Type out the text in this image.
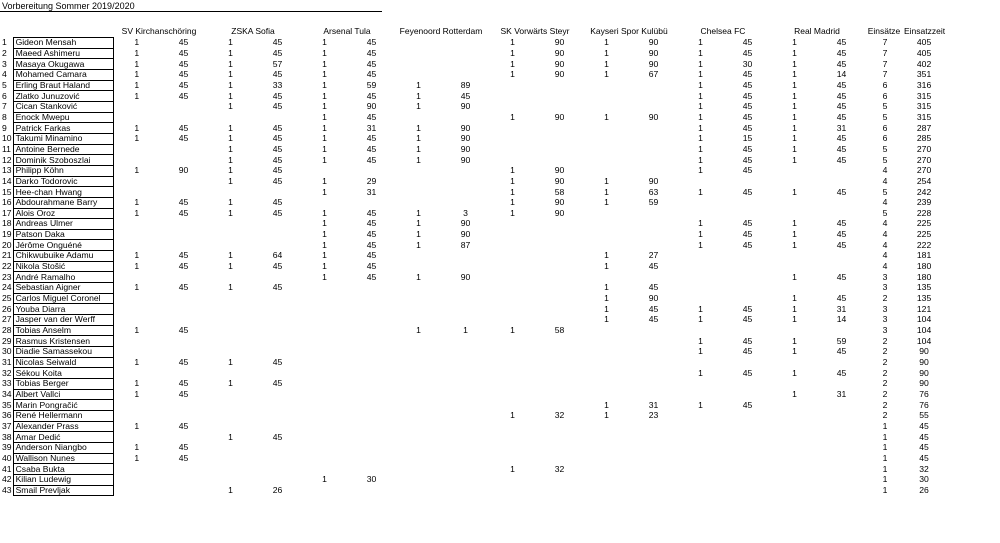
Vorbereitung Sommer 2019/2020
SV Kirchanschöring	ZSKA Sofia	Arsenal Tula	Feyenoord Rotterdam	SK Vorwärts Steyr	Kayseri Spor Kulübü	Chelsea FC	Real Madrid	Einsätze Einsatzzeit
1	Gideon Mensah	1	45	1	45	1	45			1	90	1	90	1	45	1	45	7	405
2	Maeed Ashimeru	1	45	1	45	1	45			1	90	1	90	1	45	1	45	7	405
3	Masaya Okugawa	1	45	1	57	1	45			1	90	1	90	1	30	1	45	7	402
4	Mohamed Camara	1	45	1	45	1	45			1	90	1	67	1	45	1	14	7	351
5	Erling Braut Haland	1	45	1	33	1	59	1	89					1	45	1	45	6	316
6	Zlatko Junuzović	1	45	1	45	1	45	1	45					1	45	1	45	6	315
7	Cican Stanković			1	45	1	90	1	90					1	45	1	45	5	315
8	Enock Mwepu					1	45			1	90	1	90	1	45	1	45	5	315
9	Patrick Farkas	1	45	1	45	1	31	1	90					1	45	1	31	6	287
10	Takumi Minamino	1	45	1	45	1	45	1	90					1	15	1	45	6	285
11	Antoine Bernede			1	45	1	45	1	90					1	45	1	45	5	270
12	Dominik Szoboszlai			1	45	1	45	1	90					1	45	1	45	5	270
13	Philipp Köhn	1	90	1	45					1	90			1	45			4	270
14	Darko Todorovic			1	45	1	29			1	90	1	90					4	254
15	Hee-chan Hwang					1	31			1	58	1	63	1	45	1	45	5	242
16	Abdourahmane Barry	1	45	1	45					1	90	1	59					4	239
17	Alois Oroz	1	45	1	45	1	45	1	3	1	90							5	228
18	Andreas Ulmer					1	45	1	90					1	45	1	45	4	225
19	Patson Daka					1	45	1	90					1	45	1	45	4	225
20	Jérôme Onguéné					1	45	1	87					1	45	1	45	4	222
21	Chikwubuike Adamu	1	45	1	64	1	45					1	27					4	181
22	Nikola Stošić	1	45	1	45	1	45					1	45					4	180
23	André Ramalho					1	45	1	90							1	45	3	180
24	Sebastian Aigner	1	45	1	45							1	45					3	135
25	Carlos Miguel Coronel											1	90			1	45	2	135
26	Youba Diarra											1	45	1	45	1	31	3	121
27	Jasper van der Werff											1	45	1	45	1	14	3	104
28	Tobias Anselm	1	45					1	1	1	58							3	104
29	Rasmus Kristensen													1	45	1	59	2	104
30	Diadie Samassekou													1	45	1	45	2	90
31	Nicolas Seiwald	1	45	1	45													2	90
32	Sékou Koita													1	45	1	45	2	90
33	Tobias Berger	1	45	1	45													2	90
34	Albert Vallci	1	45													1	31	2	76
35	Marin Pongračić											1	31	1	45			2	76
36	René Hellermann									1	32	1	23					2	55
37	Alexander Prass	1	45															1	45
38	Amar Dedić			1	45													1	45
39	Anderson Niangbo	1	45															1	45
40	Wallison Nunes	1	45															1	45
41	Csaba Bukta									1	32							1	32
42	Kilian Ludewig					1	30											1	30
43	Smail Prevljak			1	26													1	26
